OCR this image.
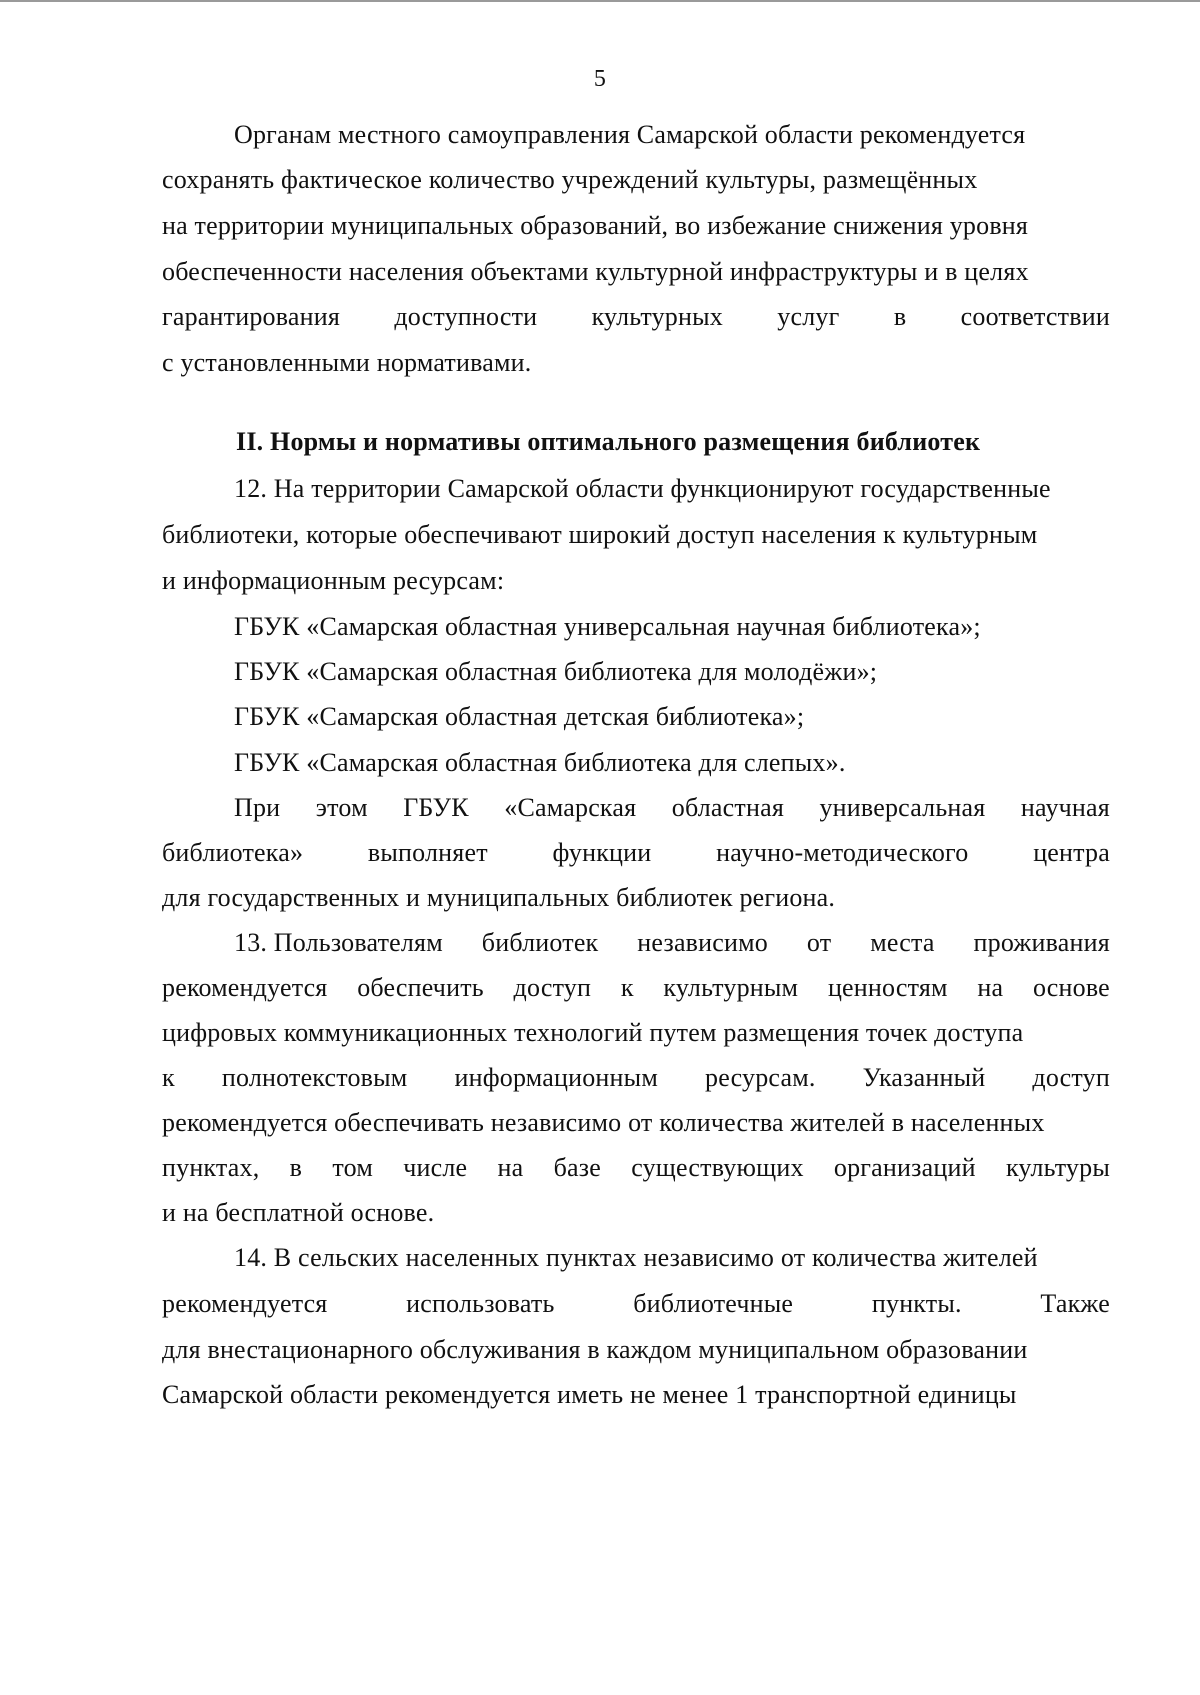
5
Органам местного самоуправления Самарской области рекомендуется
сохранять фактическое количество учреждений культуры, размещённых
на территории муниципальных образований, во избежание снижения уровня
обеспеченности населения объектами культурной инфраструктуры и в целях
гарантирования доступности культурных услуг в соответствии
с установленными нормативами.
II. Нормы и нормативы оптимального размещения библиотек
12. На территории Самарской области функционируют государственные
библиотеки, которые обеспечивают широкий доступ населения к культурным
и информационным ресурсам:
ГБУК «Самарская областная универсальная научная библиотека»;
ГБУК «Самарская областная библиотека для молодёжи»;
ГБУК «Самарская областная детская библиотека»;
ГБУК «Самарская областная библиотека для слепых».
При этом ГБУК «Самарская областная универсальная научная
библиотека» выполняет функции научно-методического центра
для государственных и муниципальных библиотек региона.
13. Пользователям библиотек независимо от места проживания
рекомендуется обеспечить доступ к культурным ценностям на основе
цифровых коммуникационных технологий путем размещения точек доступа
к полнотекстовым информационным ресурсам. Указанный доступ
рекомендуется обеспечивать независимо от количества жителей в населенных
пунктах, в том числе на базе существующих организаций культуры
и на бесплатной основе.
14. В сельских населенных пунктах независимо от количества жителей
рекомендуется	использовать	библиотечные	пункты.	Также
для внестационарного обслуживания в каждом муниципальном образовании
Самарской области рекомендуется иметь не менее 1 транспортной единицы
